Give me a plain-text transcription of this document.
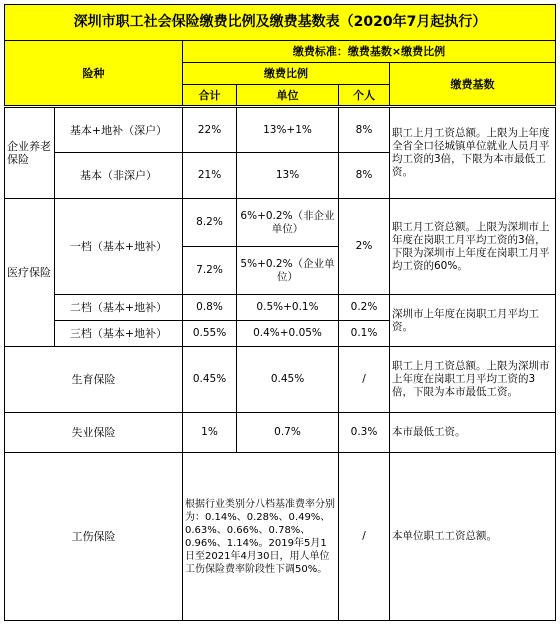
深圳市职工社会保险缴费比例及缴费基数表（2020年7月起执行）					
险种		缴费标准：缴费基数×缴费比例			
		缴费比例			缴费基数
		合计	单位	个人	
企业养老保险	基本+地补（深户）	22%	13%+1%	8%	职工上月工资总额。上限为上年度全省全口径城镇单位就业人员月平均工资的3倍，下限为本市最低工资。
	基本（非深户）	21%	13%	8%	
医疗保险	一档（基本+地补）	8.2%	6%+0.2%（非企业单位）	2%	职工月工资总额。上限为深圳市上年度在岗职工月平均工资的3倍，下限为深圳市上年度在岗职工月平均工资的60%。
		7.2%	5%+0.2%（企业单位）		
	二档（基本+地补）	0.8%	0.5%+0.1%	0.2%	深圳市上年度在岗职工月平均工资。
	三档（基本+地补）	0.55%	0.4%+0.05%	0.1%	
生育保险		0.45%	0.45%	/	职工上月工资总额。上限为深圳市上年度在岗职工月平均工资的3倍，下限为本市最低工资。
失业保险		1%	0.7%	0.3%	本市最低工资。
工伤保险		根据行业类别分八档基准费率分别为：0.14%、0.28%、0.49%、0.63%、0.66%、0.78%、0.96%、1.14%。2019年5月1日至2021年4月30日，用人单位工伤保险费率阶段性下调50%。		/	本单位职工工资总额。
